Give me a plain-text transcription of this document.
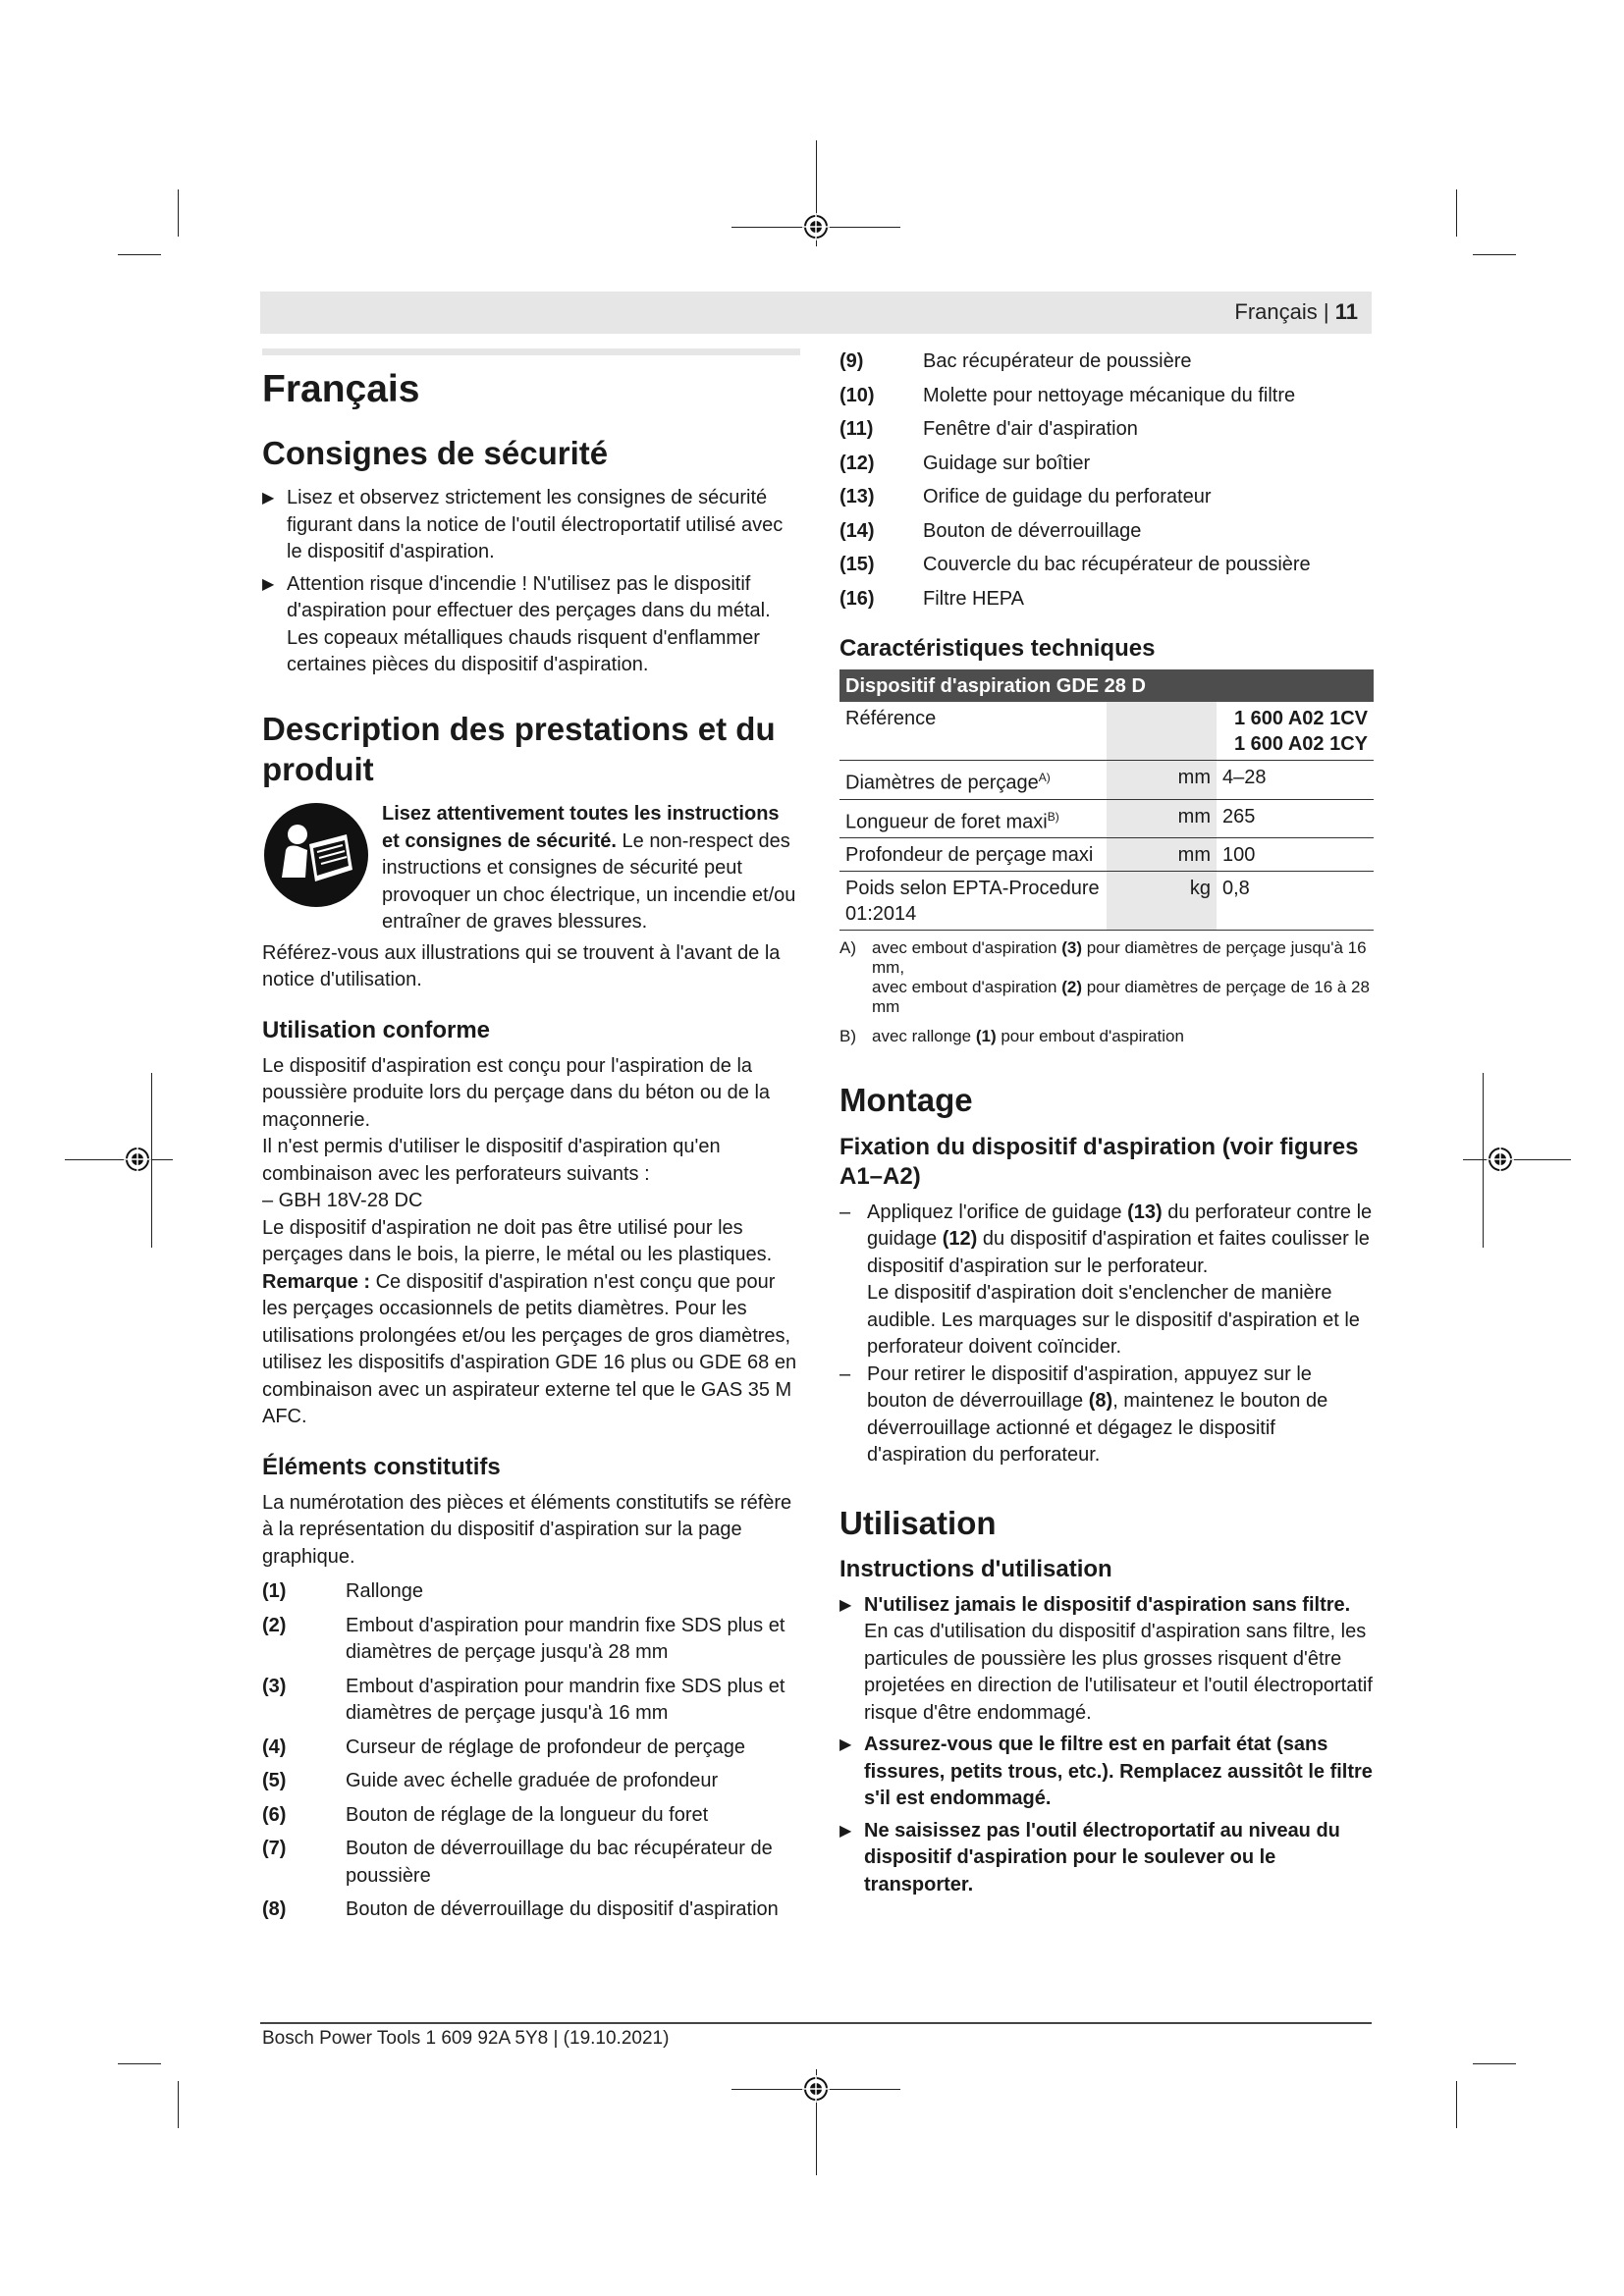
Français | 11
Français
Consignes de sécurité
▶ Lisez et observez strictement les consignes de sécurité figurant dans la notice de l'outil électroportatif utilisé avec le dispositif d'aspiration.
▶ Attention risque d'incendie ! N'utilisez pas le dispositif d'aspiration pour effectuer des perçages dans du métal. Les copeaux métalliques chauds risquent d'enflammer certaines pièces du dispositif d'aspiration.
Description des prestations et du produit
Lisez attentivement toutes les instructions et consignes de sécurité. Le non-respect des instructions et consignes de sécurité peut provoquer un choc électrique, un incendie et/ou entraîner de graves blessures.

Référez-vous aux illustrations qui se trouvent à l'avant de la notice d'utilisation.

Utilisation conforme

Le dispositif d'aspiration est conçu pour l'aspiration de la poussière produite lors du perçage dans du béton ou de la maçonnerie.

Il n'est permis d'utiliser le dispositif d'aspiration qu'en combinaison avec les perforateurs suivants :

– GBH 18V-28 DC

Le dispositif d'aspiration ne doit pas être utilisé pour les perçages dans le bois, la pierre, le métal ou les plastiques.

Remarque : Ce dispositif d'aspiration n'est conçu que pour les perçages occasionnels de petits diamètres. Pour les utilisations prolongées et/ou les perçages de gros diamètres, utilisez les dispositifs d'aspiration GDE 16 plus ou GDE 68 en combinaison avec un aspirateur externe tel que le GAS 35 M AFC.

Éléments constitutifs

La numérotation des pièces et éléments constitutifs se réfère à la représentation du dispositif d'aspiration sur la page graphique.

(1)	Rallonge
(2)	Embout d'aspiration pour mandrin fixe SDS plus et diamètres de perçage jusqu'à 28 mm
(3)	Embout d'aspiration pour mandrin fixe SDS plus et diamètres de perçage jusqu'à 16 mm
(4)	Curseur de réglage de profondeur de perçage
(5)	Guide avec échelle graduée de profondeur
(6)	Bouton de réglage de la longueur du foret
(7)	Bouton de déverrouillage du bac récupérateur de poussière
(8)	Bouton de déverrouillage du dispositif d'aspiration
(9)	Bac récupérateur de poussière
(10)	Molette pour nettoyage mécanique du filtre
(11)	Fenêtre d'air d'aspiration
(12)	Guidage sur boîtier
(13)	Orifice de guidage du perforateur
(14)	Bouton de déverrouillage
(15)	Couvercle du bac récupérateur de poussière
(16)	Filtre HEPA
Caractéristiques techniques
Dispositif d'aspiration GDE 28 D		
Référence		1 600 A02 1CV
1 600 A02 1CY

Diamètres de perçage$^{A)}$	mm	4–28
Longueur de foret maxi$^{B)}$	mm	265
Profondeur de perçage maxi	mm	100

Poids selon EPTA-Procedure
01:2014	kg	0,8
A) avec embout d'aspiration (3) pour diamètres de perçage jusqu'à 16 mm,
avec embout d'aspiration (2) pour diamètres de perçage de 16 à 28 mm
B) avec rallonge (1) pour embout d'aspiration
Montage
Fixation du dispositif d'aspiration (voir figures A1–A2)
– Appliquez l'orifice de guidage (13) du perforateur contre le guidage (12) du dispositif d'aspiration et faites coulisser le dispositif d'aspiration sur le perforateur.
Le dispositif d'aspiration doit s'enclencher de manière audible. Les marquages sur le dispositif d'aspiration et le perforateur doivent coïncider.
– Pour retirer le dispositif d'aspiration, appuyez sur le bouton de déverrouillage (8), maintenez le bouton de déverrouillage actionné et dégagez le dispositif d'aspiration du perforateur.
Utilisation
Instructions d'utilisation
▶ N'utilisez jamais le dispositif d'aspiration sans filtre. En cas d'utilisation du dispositif d'aspiration sans filtre, les particules de poussière les plus grosses risquent d'être projetées en direction de l'utilisateur et l'outil électroportatif risque d'être endommagé.
▶ Assurez-vous que le filtre est en parfait état (sans fissures, petits trous, etc.). Remplacez aussitôt le filtre s'il est endommagé.
▶ Ne saisissez pas l'outil électroportatif au niveau du dispositif d'aspiration pour le soulever ou le transporter.
Bosch Power Tools 1 609 92A 5Y8 | (19.10.2021)
